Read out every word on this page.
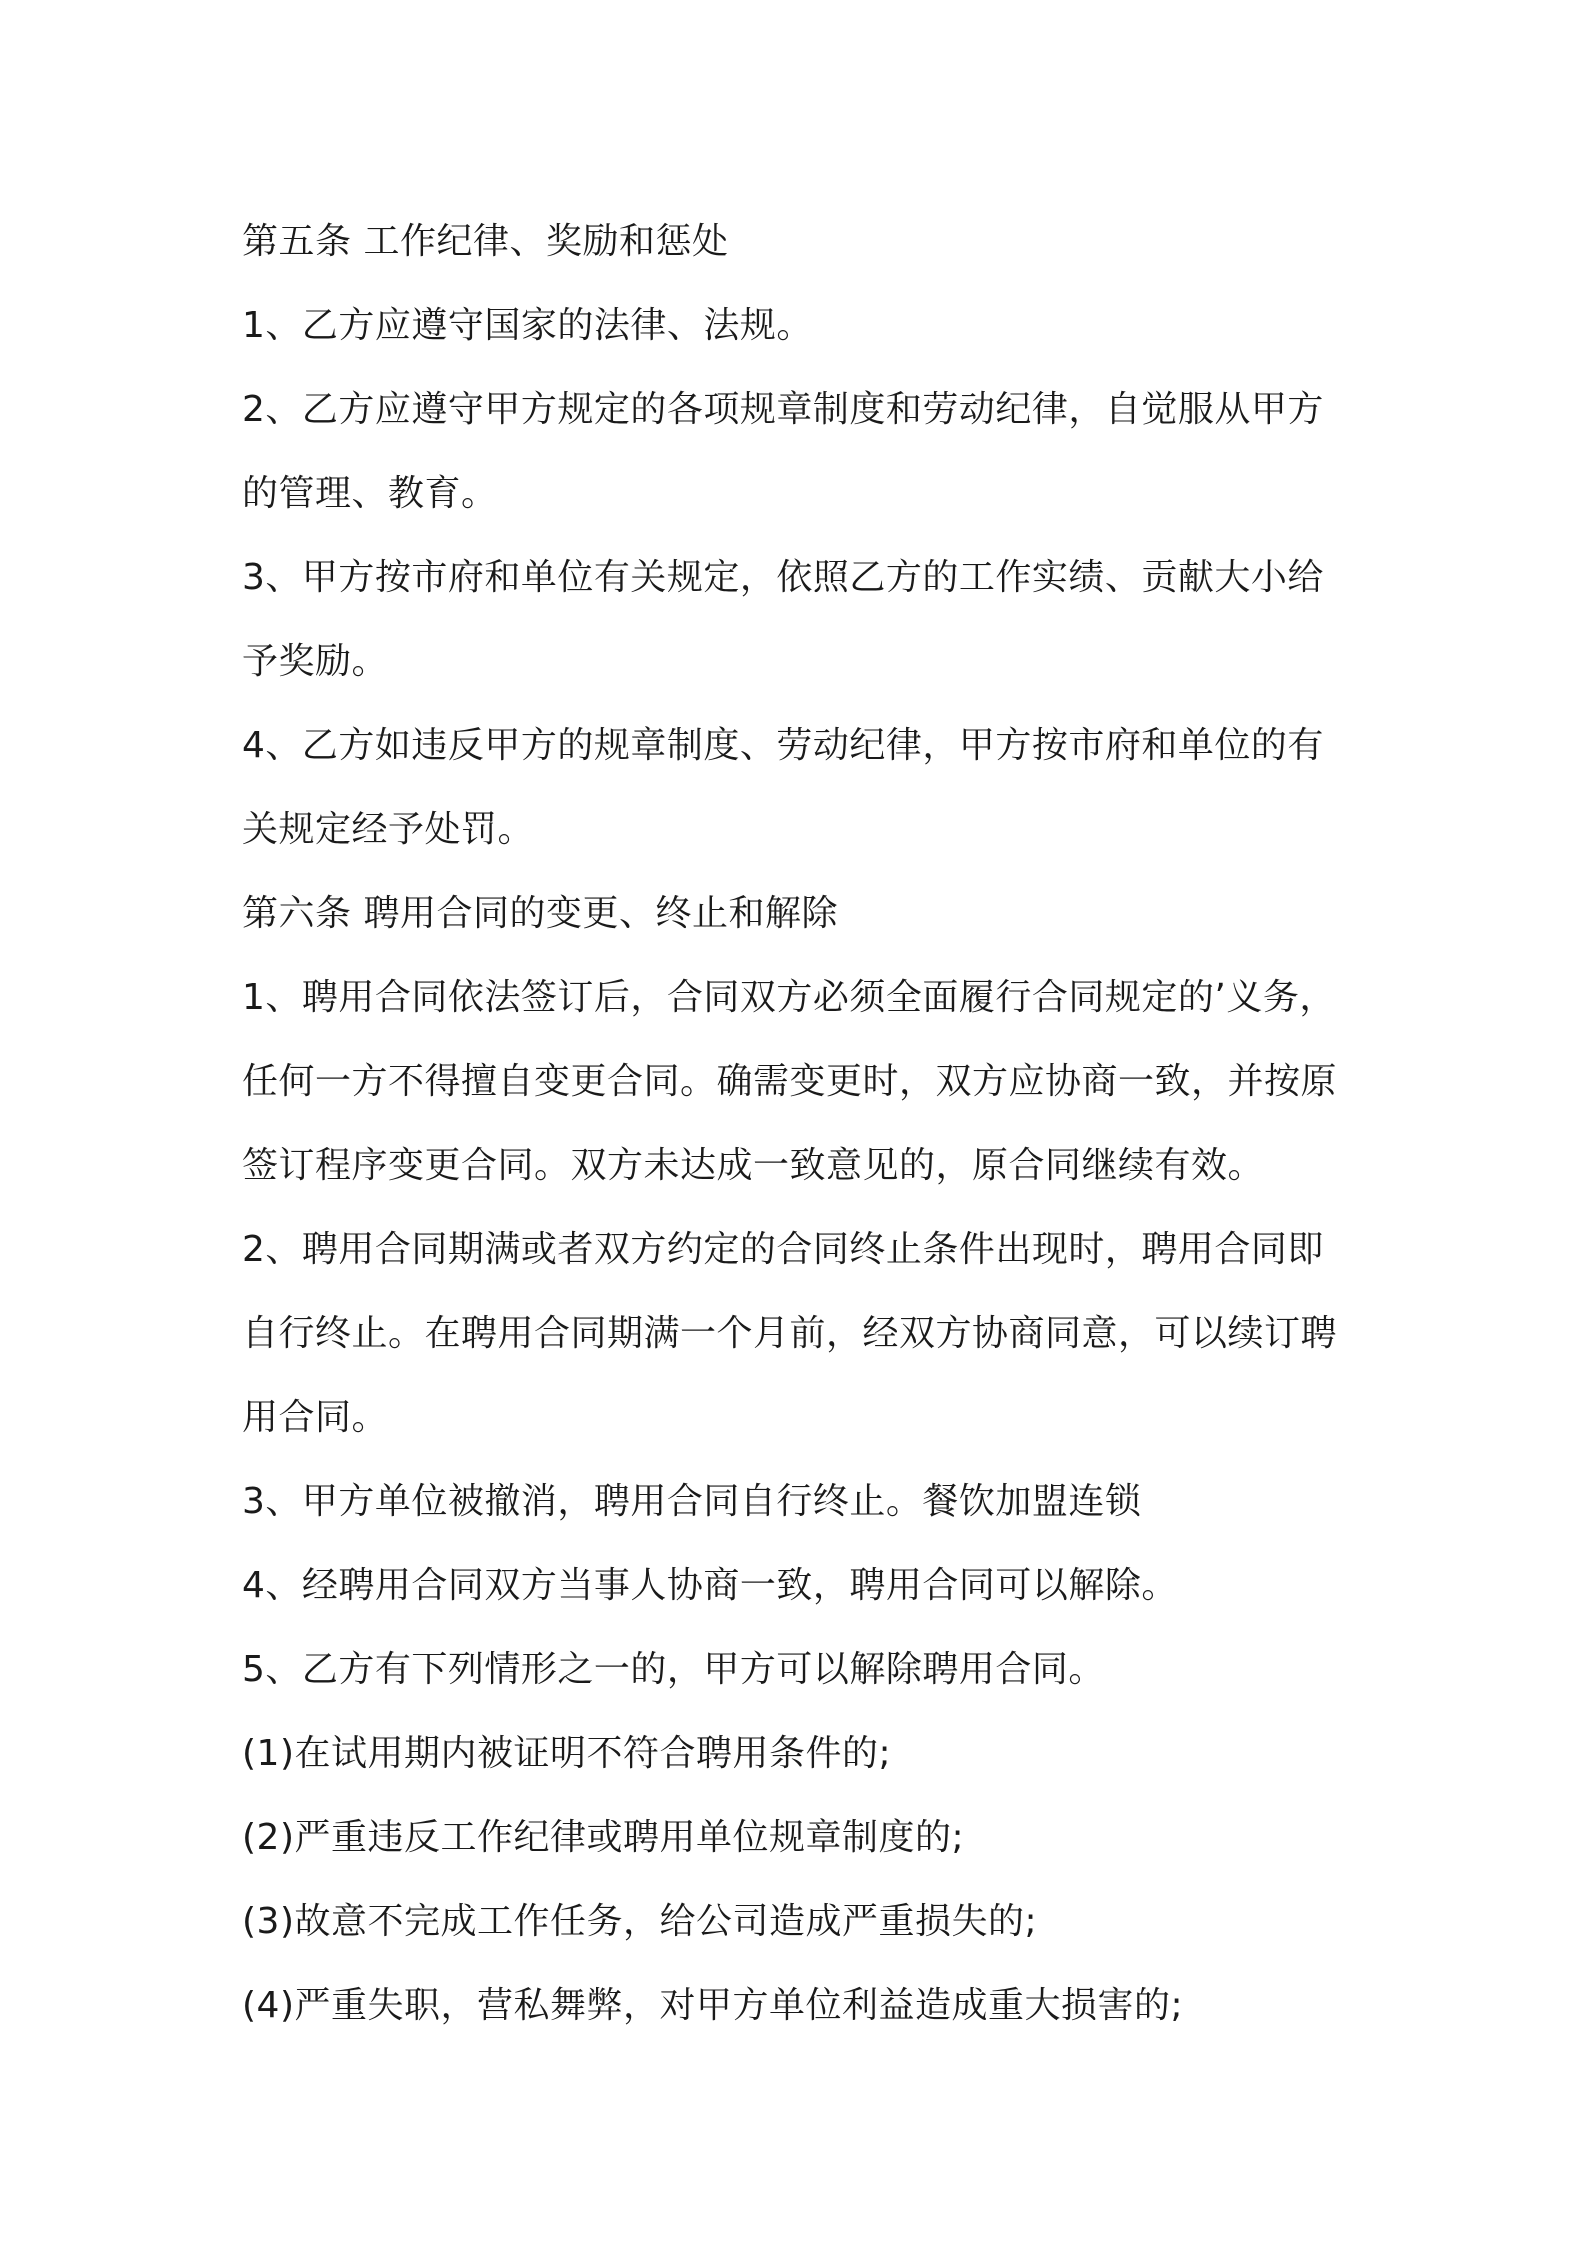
第五条 工作纪律、奖励和惩处
1、乙方应遵守国家的法律、法规。
2、乙方应遵守甲方规定的各项规章制度和劳动纪律，自觉服从甲方
的管理、教育。
3、甲方按市府和单位有关规定，依照乙方的工作实绩、贡献大小给
予奖励。
4、乙方如违反甲方的规章制度、劳动纪律，甲方按市府和单位的有
关规定经予处罚。
第六条 聘用合同的变更、终止和解除
1、聘用合同依法签订后，合同双方必须全面履行合同规定的’义务，
任何一方不得擅自变更合同。确需变更时，双方应协商一致，并按原
签订程序变更合同。双方未达成一致意见的，原合同继续有效。
2、聘用合同期满或者双方约定的合同终止条件出现时，聘用合同即
自行终止。在聘用合同期满一个月前，经双方协商同意，可以续订聘
用合同。
3、甲方单位被撤消，聘用合同自行终止。餐饮加盟连锁
4、经聘用合同双方当事人协商一致，聘用合同可以解除。
5、乙方有下列情形之一的，甲方可以解除聘用合同。
(1)在试用期内被证明不符合聘用条件的;
(2)严重违反工作纪律或聘用单位规章制度的;
(3)故意不完成工作任务，给公司造成严重损失的;
(4)严重失职，营私舞弊，对甲方单位利益造成重大损害的;
